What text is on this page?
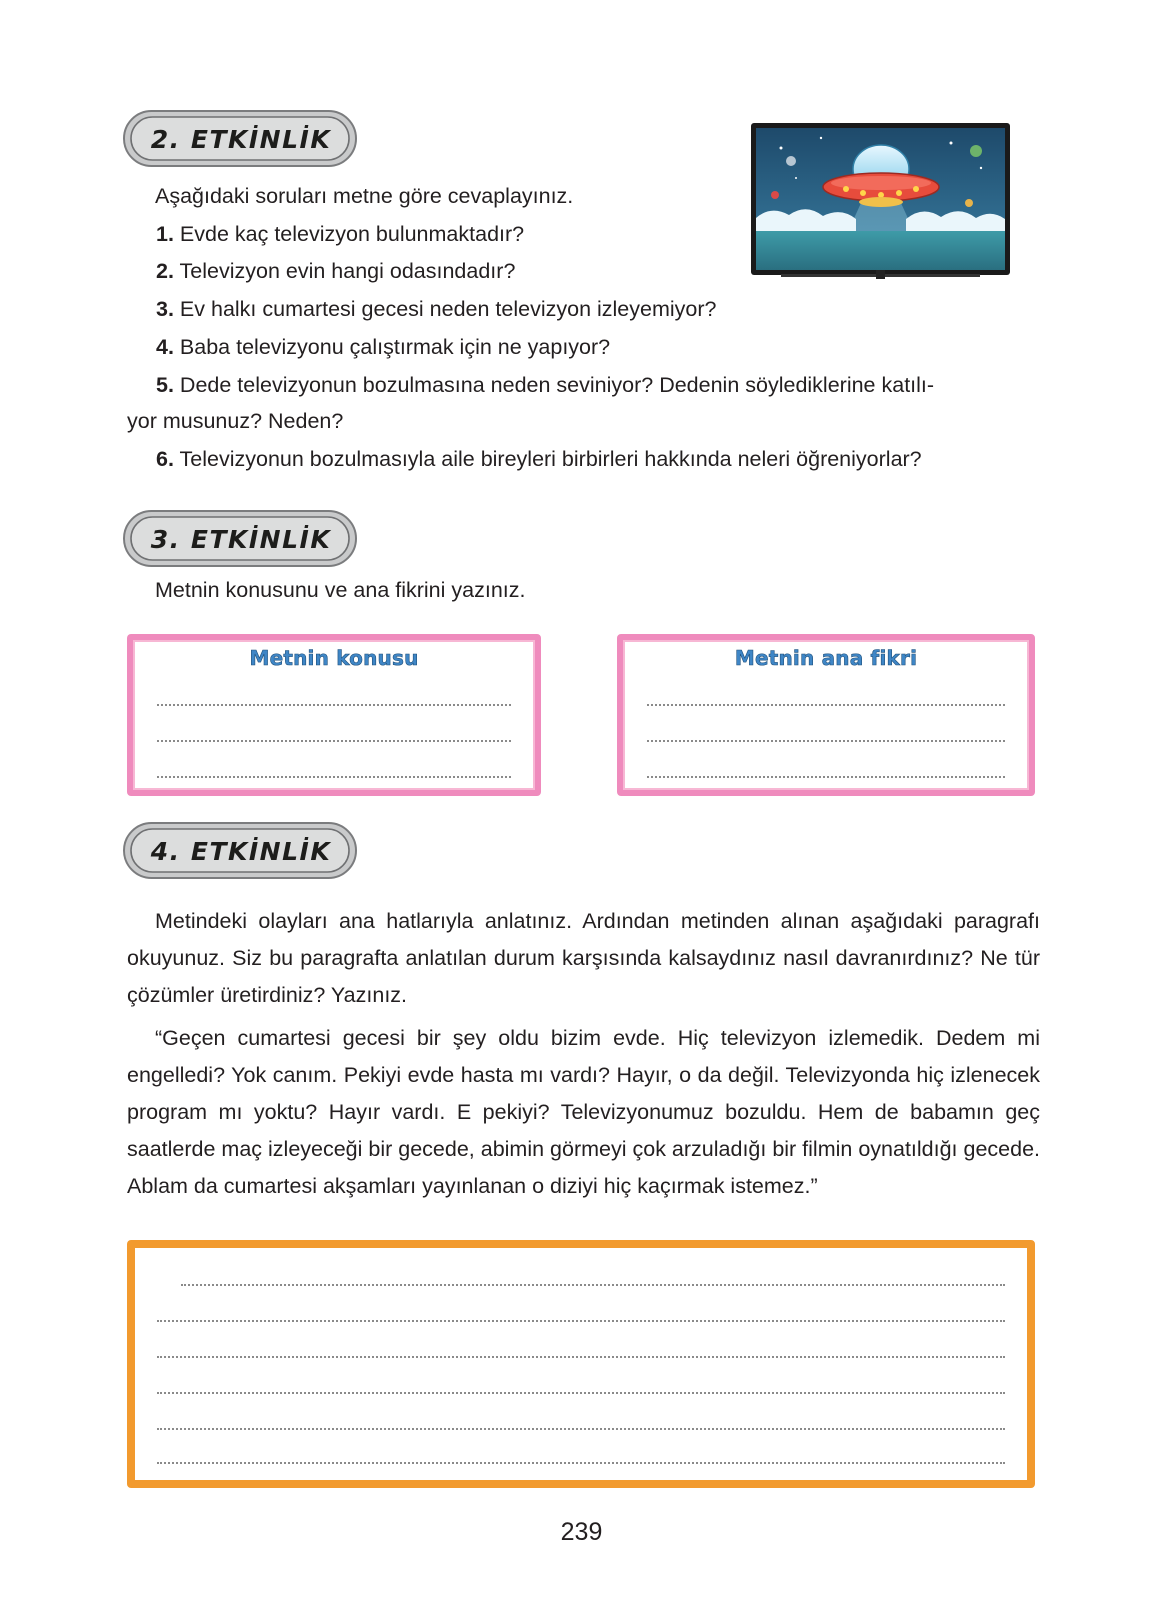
2. ETKİNLİK
Aşağıdaki soruları metne göre cevaplayınız.
1. Evde kaç televizyon bulunmaktadır?
2. Televizyon evin hangi odasındadır?
3. Ev halkı cumartesi gecesi neden televizyon izleyemiyor?
4. Baba televizyonu çalıştırmak için ne yapıyor?
5. Dede televizyonun bozulmasına neden seviniyor? Dedenin söylediklerine katılı-
yor musunuz? Neden?
6. Televizyonun bozulmasıyla aile bireyleri birbirleri hakkında neleri öğreniyorlar?
3. ETKİNLİK
Metnin konusunu ve ana fikrini yazınız.
Metnin konusu	Metnin ana fikri
4. ETKİNLİK
Metindeki olayları ana hatlarıyla anlatınız. Ardından metinden alınan aşağıdaki paragrafı okuyunuz. Siz bu paragrafta anlatılan durum karşısında kalsaydınız nasıl davranırdınız? Ne tür çözümler üretirdiniz? Yazınız.
“Geçen cumartesi gecesi bir şey oldu bizim evde. Hiç televizyon izlemedik. Dedem mi engelledi? Yok canım. Pekiyi evde hasta mı vardı? Hayır, o da değil. Televizyonda hiç izlenecek program mı yoktu? Hayır vardı. E pekiyi? Televizyonumuz bozuldu. Hem de babamın geç saatlerde maç izleyeceği bir gecede, abimin görmeyi çok arzuladığı bir filmin oynatıldığı gecede. Ablam da cumartesi akşamları yayınlanan o diziyi hiç kaçırmak istemez.”
239
